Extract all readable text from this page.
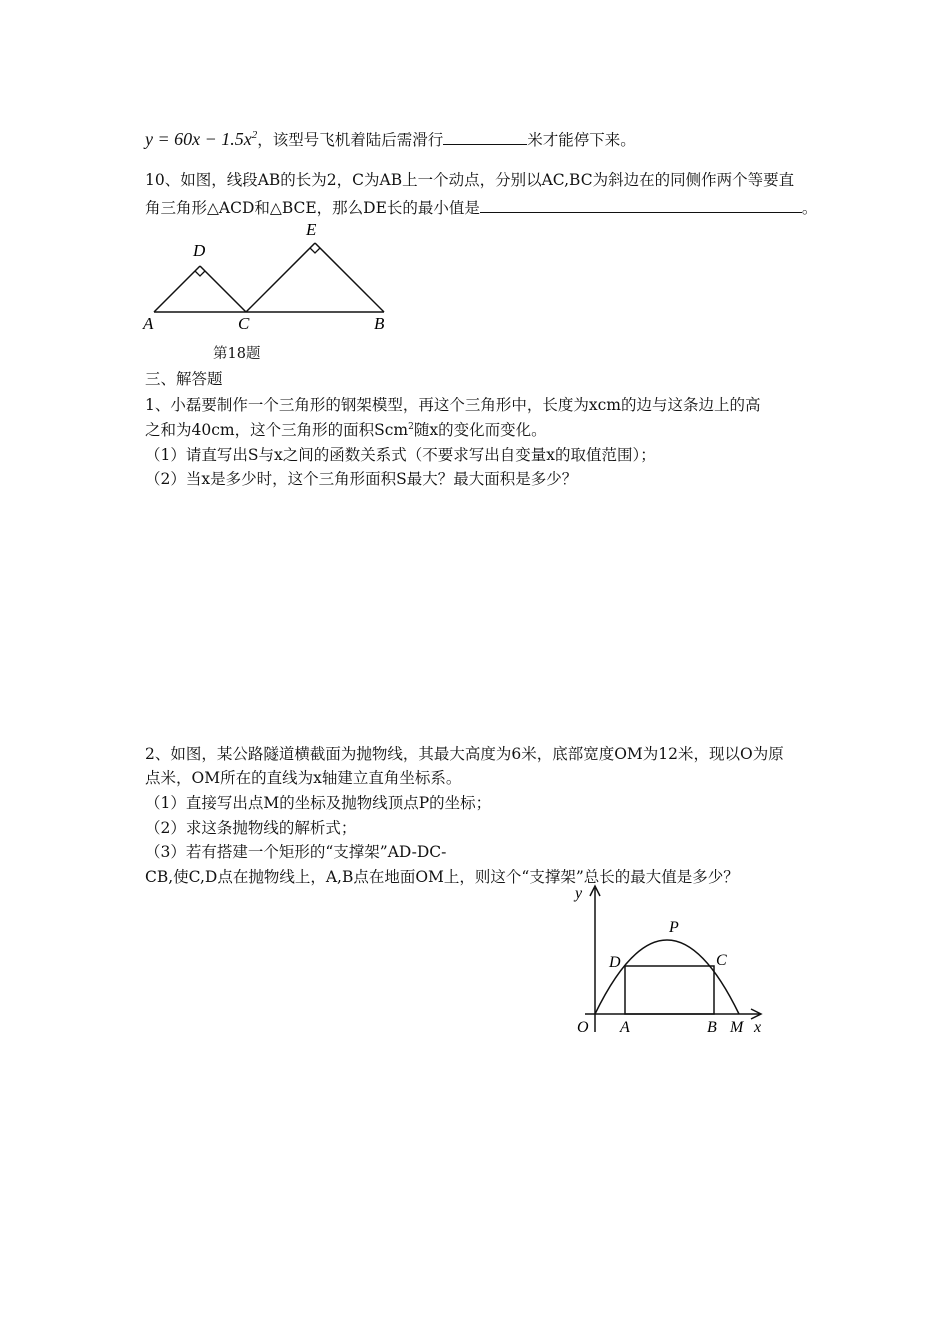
$y = 60x - 1.5x^2$，该型号飞机着陆后需滑行	米才能停下来。
10、如图，线段AB的长为2，C为AB上一个动点，分别以AC,BC为斜边在的同侧作两个等要直
角三角形△ACD和△BCE，那么DE长的最小值是	。
A	C	B
D
E
第18题
三、解答题
1、小磊要制作一个三角形的钢架模型，再这个三角形中，长度为xcm的边与这条边上的高
之和为40cm，这个三角形的面积Scm$^2$随x的变化而变化。
（1）请直写出S与x之间的函数关系式（不要求写出自变量x的取值范围）；
（2）当x是多少时，这个三角形面积S最大？最大面积是多少？
2、如图，某公路隧道横截面为抛物线，其最大高度为6米，底部宽度OM为12米，现以O为原
点米，OM所在的直线为x轴建立直角坐标系。
（1）直接写出点M的坐标及抛物线顶点P的坐标；
（2）求这条抛物线的解析式；
（3）若有搭建一个矩形的“支撑架”AD-DC-
CB,使C,D点在抛物线上，A,B点在地面OM上，则这个“支撑架”总长的最大值是多少？
y
P
D	C
O A	B M x
